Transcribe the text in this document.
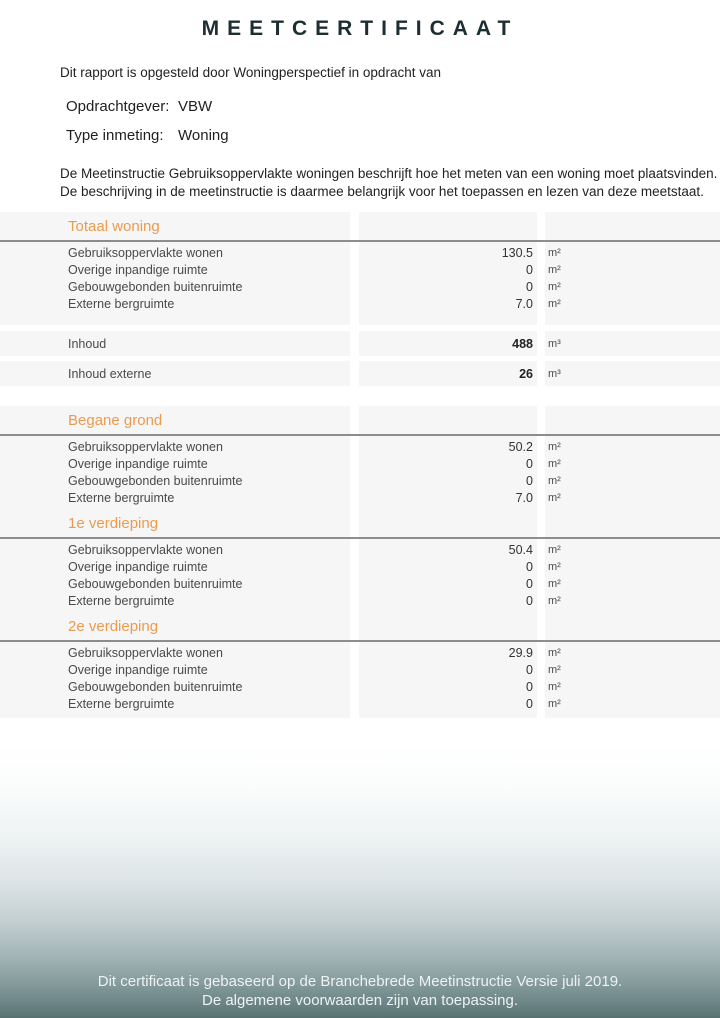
MEETCERTIFICAAT

Dit rapport is opgesteld door Woningperspectief in opdracht van

Opdrachtgever: VBW
Type inmeting: Woning
De Meetinstructie Gebruiksoppervlakte woningen beschrijft hoe het meten van een woning moet plaatsvinden.
De beschrijving in de meetinstructie is daarmee belangrijk voor het toepassen en lezen van deze meetstaat.
Totaal woning
Gebruiksoppervlakte wonen	130.5	m²
Overige inpandige ruimte	0	m²
Gebouwgebonden buitenruimte	0	m²
Externe bergruimte	7.0	m²
Inhoud	488	m³
Inhoud externe	26	m³
Begane grond
Gebruiksoppervlakte wonen	50.2	m²
Overige inpandige ruimte	0	m²
Gebouwgebonden buitenruimte	0	m²
Externe bergruimte	7.0	m²
1e verdieping
Gebruiksoppervlakte wonen	50.4	m²
Overige inpandige ruimte	0	m²
Gebouwgebonden buitenruimte	0	m²
Externe bergruimte	0	m²
2e verdieping
Gebruiksoppervlakte wonen	29.9	m²
Overige inpandige ruimte	0	m²
Gebouwgebonden buitenruimte	0	m²
Externe bergruimte	0	m²
Dit certificaat is gebaseerd op de Branchebrede Meetinstructie Versie juli 2019.
De algemene voorwaarden zijn van toepassing.
